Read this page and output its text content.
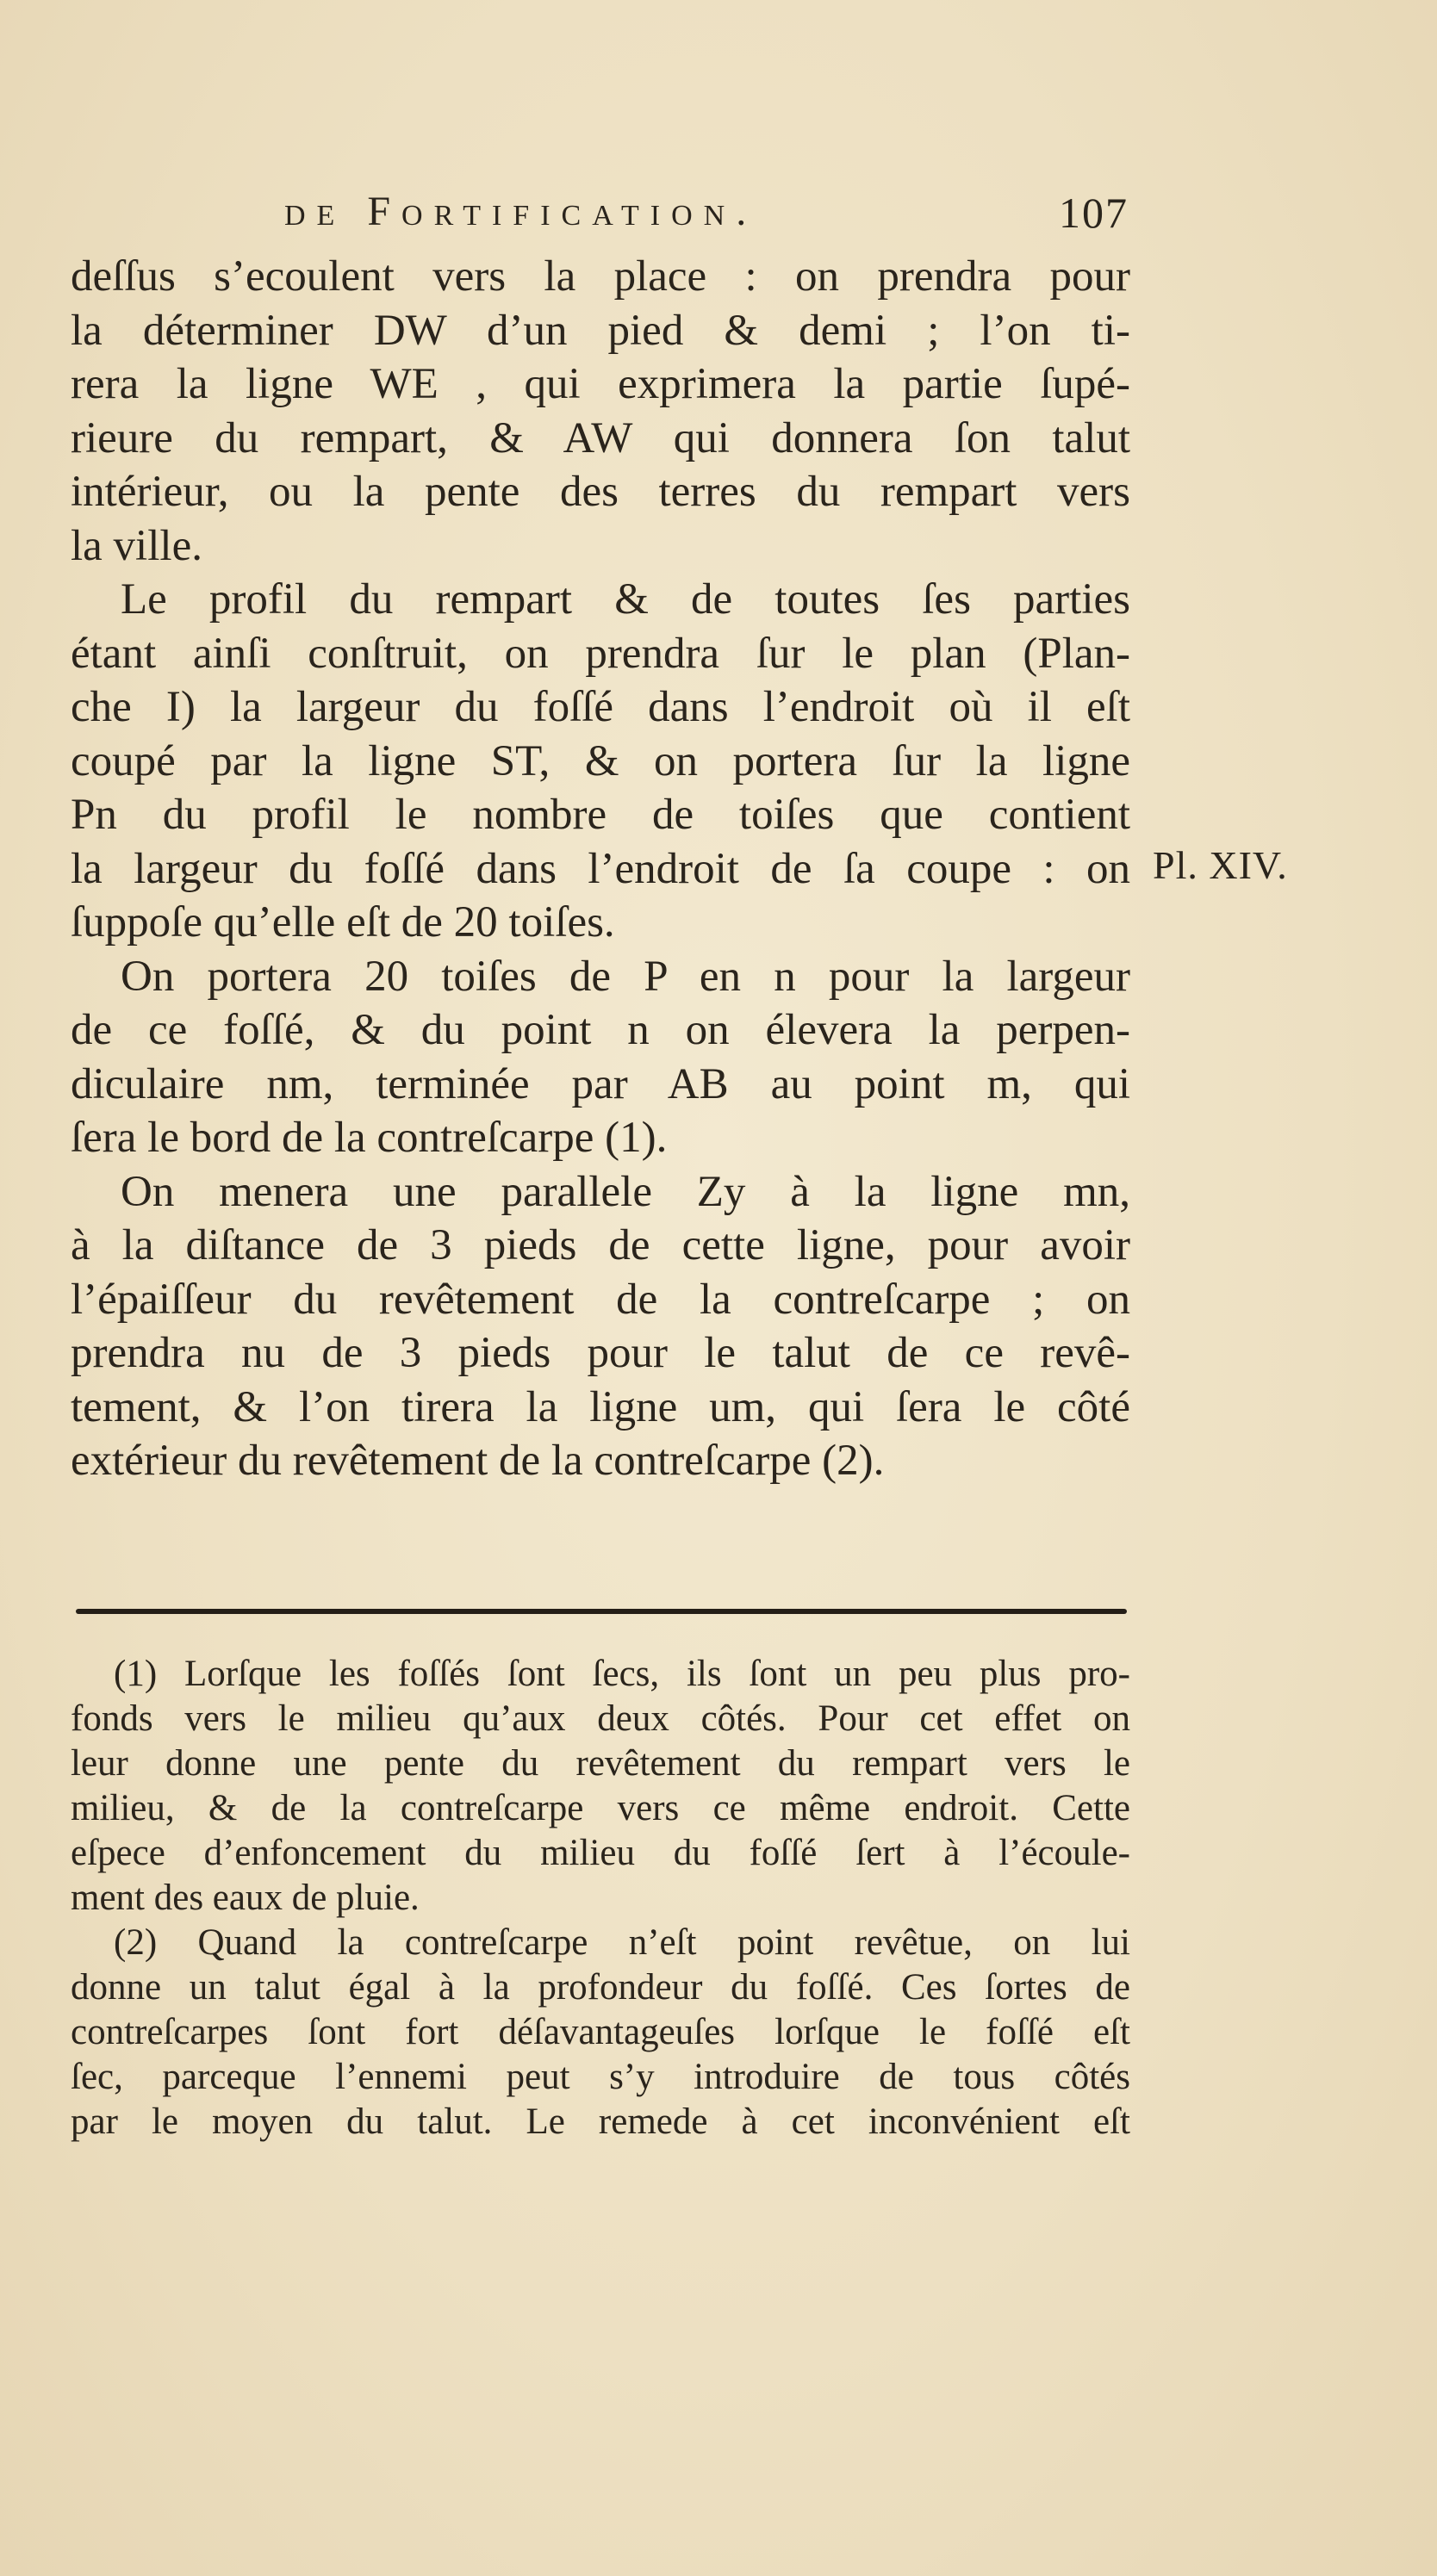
de Fortification.	107
deſſus s’ecoulent vers la place : on prendra pour
la déterminer DW d’un pied & demi ; l’on ti-
rera la ligne WE , qui exprimera la partie ſupé-
rieure du rempart, & AW qui donnera ſon talut
intérieur, ou la pente des terres du rempart vers
la ville.
Le profil du rempart & de toutes ſes parties
étant ainſi conſtruit, on prendra ſur le plan (Plan-
che I) la largeur du foſſé dans l’endroit où il eſt
coupé par la ligne ST, & on portera ſur la ligne
Pn du profil le nombre de toiſes que contient
la largeur du foſſé dans l’endroit de ſa coupe : on
ſuppoſe qu’elle eſt de 20 toiſes.
On portera 20 toiſes de P en n pour la largeur
de ce foſſé, & du point n on élevera la perpen-
diculaire nm, terminée par AB au point m, qui
ſera le bord de la contreſcarpe (1).
On menera une parallele Zy à la ligne mn,
à la diſtance de 3 pieds de cette ligne, pour avoir
l’épaiſſeur du revêtement de la contreſcarpe ; on
prendra nu de 3 pieds pour le talut de ce revê-
tement, & l’on tirera la ligne um, qui ſera le côté
extérieur du revêtement de la contreſcarpe (2).
Pl. XIV.
(1) Lorſque les foſſés ſont ſecs, ils ſont un peu plus pro-
fonds vers le milieu qu’aux deux côtés. Pour cet effet on
leur donne une pente du revêtement du rempart vers le
milieu, & de la contreſcarpe vers ce même endroit. Cette
eſpece d’enfoncement du milieu du foſſé ſert à l’écoule-
ment des eaux de pluie.
(2) Quand la contreſcarpe n’eſt point revêtue, on lui
donne un talut égal à la profondeur du foſſé. Ces ſortes de
contreſcarpes ſont fort déſavantageuſes lorſque le foſſé eſt
ſec, parceque l’ennemi peut s’y introduire de tous côtés
par le moyen du talut. Le remede à cet inconvénient eſt
